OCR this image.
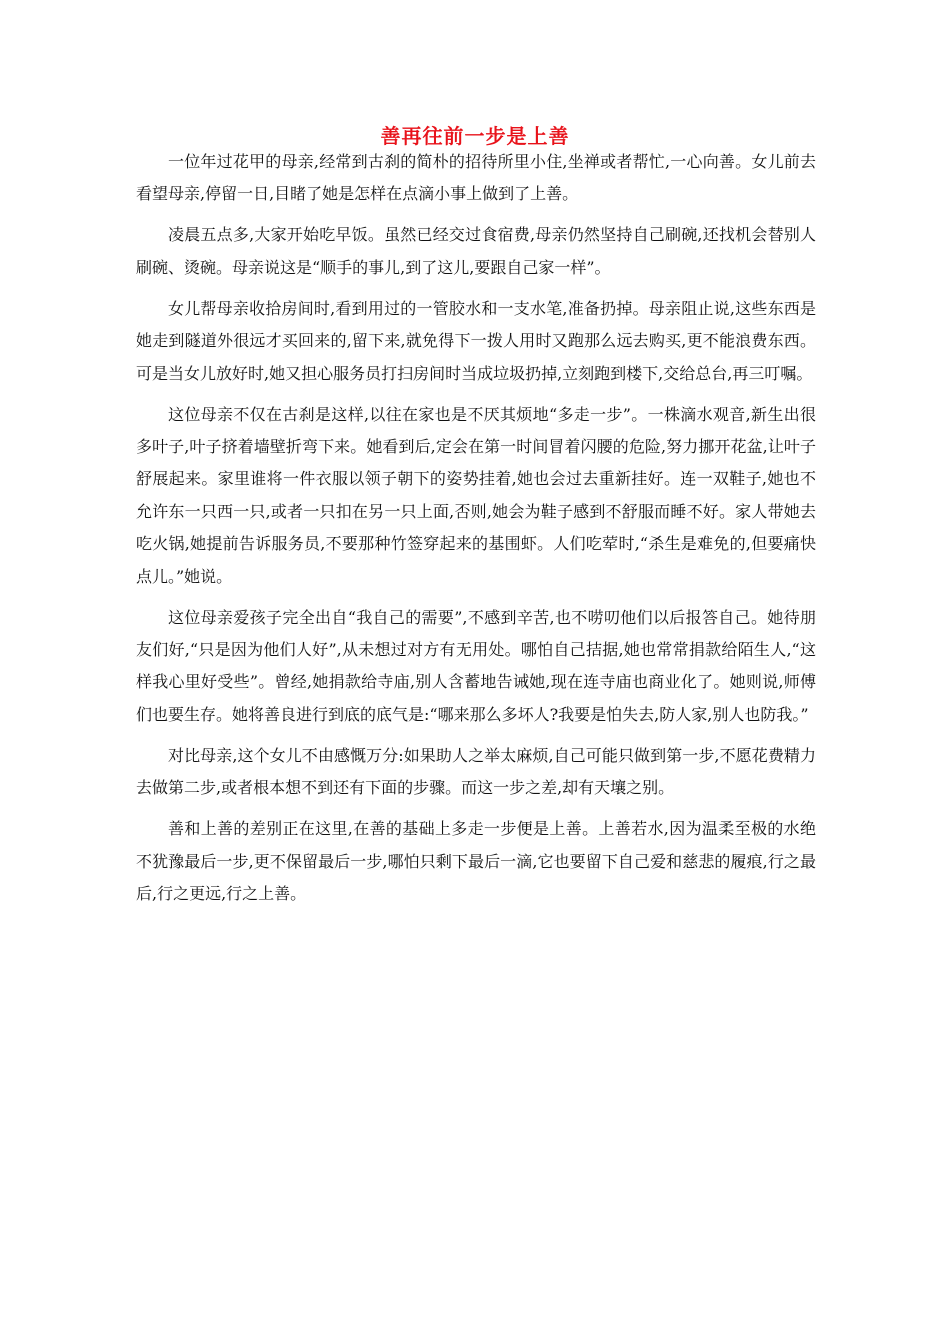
善再往前一步是上善

一位年过花甲的母亲,经常到古刹的简朴的招待所里小住,坐禅或者帮忙,一心向善。女儿前去看望母亲,停留一日,目睹了她是怎样在点滴小事上做到了上善。

凌晨五点多,大家开始吃早饭。虽然已经交过食宿费,母亲仍然坚持自己刷碗,还找机会替别人刷碗、烫碗。母亲说这是“顺手的事儿,到了这儿,要跟自己家一样”。

女儿帮母亲收拾房间时,看到用过的一管胶水和一支水笔,准备扔掉。母亲阻止说,这些东西是她走到隧道外很远才买回来的,留下来,就免得下一拨人用时又跑那么远去购买,更不能浪费东西。可是当女儿放好时,她又担心服务员打扫房间时当成垃圾扔掉,立刻跑到楼下,交给总台,再三叮嘱。

这位母亲不仅在古刹是这样,以往在家也是不厌其烦地“多走一步”。一株滴水观音,新生出很多叶子,叶子挤着墙壁折弯下来。她看到后,定会在第一时间冒着闪腰的危险,努力挪开花盆,让叶子舒展起来。家里谁将一件衣服以领子朝下的姿势挂着,她也会过去重新挂好。连一双鞋子,她也不允许东一只西一只,或者一只扣在另一只上面,否则,她会为鞋子感到不舒服而睡不好。家人带她去吃火锅,她提前告诉服务员,不要那种竹签穿起来的基围虾。人们吃荤时,“杀生是难免的,但要痛快点儿。”她说。

这位母亲爱孩子完全出自“我自己的需要”,不感到辛苦,也不唠叨他们以后报答自己。她待朋友们好,“只是因为他们人好”,从未想过对方有无用处。哪怕自己拮据,她也常常捐款给陌生人,“这样我心里好受些”。曾经,她捐款给寺庙,别人含蓄地告诫她,现在连寺庙也商业化了。她则说,师傅们也要生存。她将善良进行到底的底气是:“哪来那么多坏人?我要是怕失去,防人家,别人也防我。”

对比母亲,这个女儿不由感慨万分:如果助人之举太麻烦,自己可能只做到第一步,不愿花费精力去做第二步,或者根本想不到还有下面的步骤。而这一步之差,却有天壤之别。

善和上善的差别正在这里,在善的基础上多走一步便是上善。上善若水,因为温柔至极的水绝不犹豫最后一步,更不保留最后一步,哪怕只剩下最后一滴,它也要留下自己爱和慈悲的履痕,行之最后,行之更远,行之上善。
